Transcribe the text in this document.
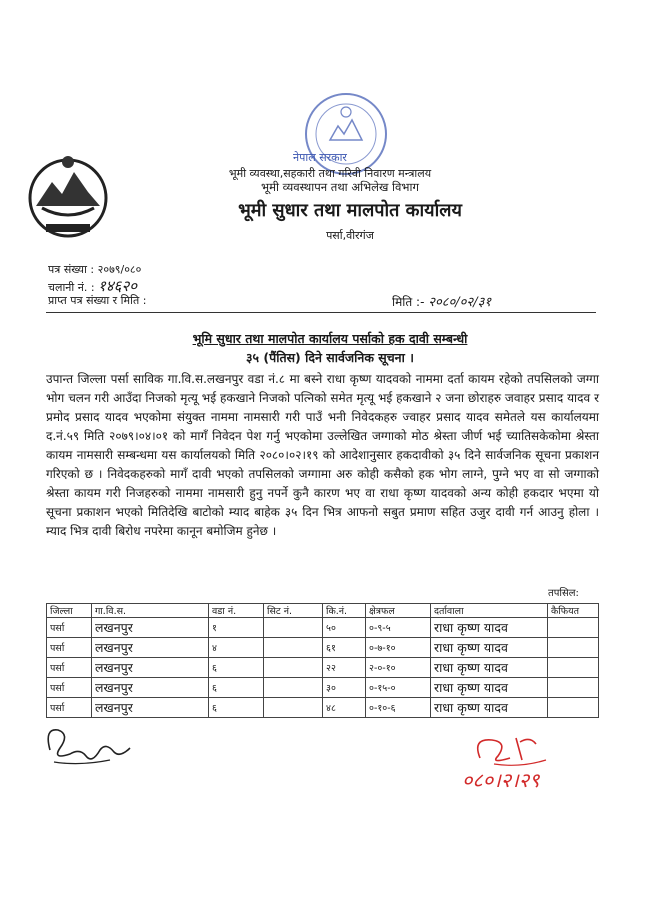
नेपाल सरकार
भूमी व्यवस्था,सहकारी तथा गरिवी निवारण मन्त्रालय
भूमी व्यवस्थापन तथा अभिलेख विभाग
भूमी सुधार तथा मालपोत कार्यालय
पर्सा,वीरगंज
पत्र संख्या : २०७९/०८०
चलानी नं. : १४६२०
प्राप्त पत्र संख्या र मिति :	मिति :- २०८०/०२/३१
भूमि सुधार तथा मालपोत कार्यालय पर्साको हक दावी सम्बन्धी
३५ (पैंतिस) दिने सार्वजनिक सूचना ।

उपान्त जिल्ला पर्सा साविक गा.वि.स.लखनपुर वडा नं.८ मा बस्ने राधा कृष्ण यादवको नाममा दर्ता कायम रहेको तपसिलको जग्गा भोग चलन गरी आउँदा निजको मृत्यू भई हकखाने निजको पत्निको समेत मृत्यू भई हकखाने २ जना छोराहरु जवाहर प्रसाद यादव र प्रमोद प्रसाद यादव भएकोमा संयुक्त नाममा नामसारी गरी पाउँ भनी निवेदकहरु ज्वाहर प्रसाद यादव समेतले यस कार्यालयमा द.नं.५९ मिति २०७९।०४।०१ को मागँ निवेदन पेश गर्नु भएकोमा उल्लेखित जग्गाको मोठ श्रेस्ता जीर्ण भई च्यातिसकेकोमा श्रेस्ता कायम नामसारी सम्बन्धमा यस कार्यालयको मिति २०८०।०२।१९ को आदेशानुसार हकदावीको ३५ दिने सार्वजनिक सूचना प्रकाशन गरिएको छ । निवेदकहरुको मागँ दावी भएको तपसिलको जग्गामा अरु कोही कसैको हक भोग लाग्ने, पुग्ने भए वा सो जग्गाको श्रेस्ता कायम गरी निजहरुको नाममा नामसारी हुनु नपर्ने कुनै कारण भए वा राधा कृष्ण यादवको अन्य कोही हकदार भएमा यो सूचना प्रकाशन भएको मितिदेखि बाटोको म्याद बाहेक ३५ दिन भित्र आफनो सबुत प्रमाण सहित उजुर दावी गर्न आउनु होला । म्याद भित्र दावी बिरोध नपरेमा कानून बमोजिम हुनेछ ।

तपसिल:
जिल्ला	गा.वि.स.	वडा नं.	सिट नं.	कि.नं.	क्षेत्रफल	दर्तावाला	कैफियत
पर्सा	लखनपुर	१		५०	०-९-५	राधा कृष्ण यादव	
पर्सा	लखनपुर	४		६१	०-७-१०	राधा कृष्ण यादव	
पर्सा	लखनपुर	६		२२	२-०-१०	राधा कृष्ण यादव	
पर्सा	लखनपुर	६		३०	०-१५-०	राधा कृष्ण यादव	
पर्सा	लखनपुर	६		४८	०-१०-६	राधा कृष्ण यादव	
०८०।२।२९
